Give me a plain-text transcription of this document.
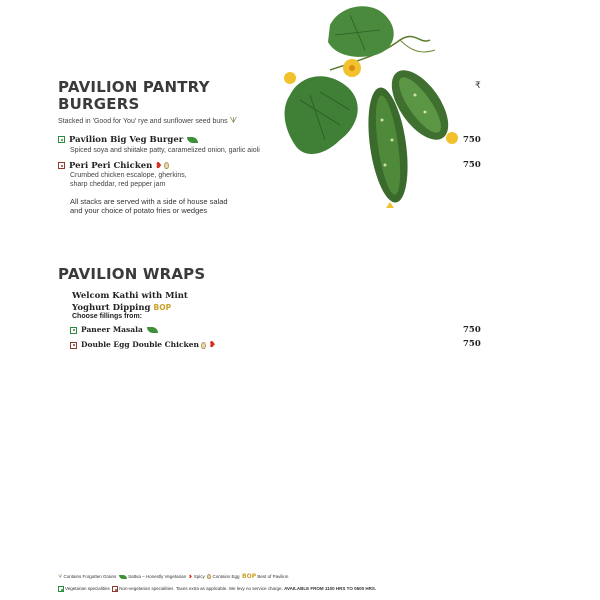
PAVILION PANTRY
BURGERS
₹
Stacked in 'Good for You' rye and sunflower seed buns ᗐ
Pavilion Big Veg Burger
Spiced soya and shiitake patty, caramelized onion, garlic aioli
750
Peri Peri Chicken ❥
Crumbed chicken escalope, gherkins,
sharp cheddar, red pepper jam
750
All stacks are served with a side of house salad
and your choice of potato fries or wedges
PAVILION WRAPS
Welcom Kathi with Mint
Yoghurt Dipping BOP
Choose fillings from:
Paneer Masala	750
Double Egg Double Chicken ❥	750
ᗐ Contains Forgotten Grains	Sattva – Honestly Vegetarian ❥ Spicy Contains Egg BOP Best of Pavilion
Vegetarian specialities Non-vegetarian specialities Taxes extra as applicable. We levy no service charge. AVAILABLE FROM 1100 HRS TO 0600 HRS.
